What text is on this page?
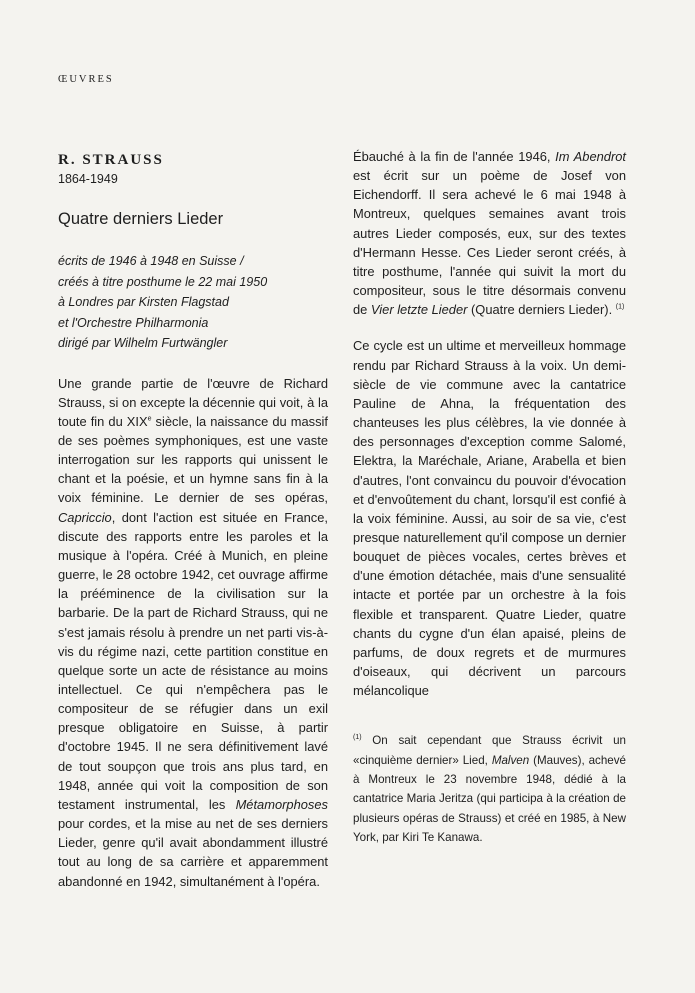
ŒUVRES
R. STRAUSS
1864-1949
Quatre derniers Lieder
écrits de 1946 à 1948 en Suisse /
créés à titre posthume le 22 mai 1950
à Londres par Kirsten Flagstad
et l'Orchestre Philharmonia
dirigé par Wilhelm Furtwängler

Une grande partie de l'œuvre de Richard Strauss, si on excepte la décennie qui voit, à la toute fin du XIXe siècle, la naissance du massif de ses poèmes symphoniques, est une vaste interrogation sur les rapports qui unissent le chant et la poésie, et un hymne sans fin à la voix féminine. Le dernier de ses opéras, Capriccio, dont l'action est située en France, discute des rapports entre les paroles et la musique à l'opéra. Créé à Munich, en pleine guerre, le 28 octobre 1942, cet ouvrage affirme la prééminence de la civilisation sur la barbarie. De la part de Richard Strauss, qui ne s'est jamais résolu à prendre un net parti vis-à-vis du régime nazi, cette partition constitue en quelque sorte un acte de résistance au moins intellectuel. Ce qui n'empêchera pas le compositeur de se réfugier dans un exil presque obligatoire en Suisse, à partir d'octobre 1945. Il ne sera définitivement lavé de tout soupçon que trois ans plus tard, en 1948, année qui voit la composition de son testament instrumental, les Métamorphoses pour cordes, et la mise au net de ses derniers Lieder, genre qu'il avait abondamment illustré tout au long de sa carrière et apparemment abandonné en 1942, simultanément à l'opéra.

Ébauché à la fin de l'année 1946, Im Abendrot est écrit sur un poème de Josef von Eichendorff. Il sera achevé le 6 mai 1948 à Montreux, quelques semaines avant trois autres Lieder composés, eux, sur des textes d'Hermann Hesse. Ces Lieder seront créés, à titre posthume, l'année qui suivit la mort du compositeur, sous le titre désormais convenu de Vier letzte Lieder (Quatre derniers Lieder). $^{(1)}$

Ce cycle est un ultime et merveilleux hommage rendu par Richard Strauss à la voix. Un demi-siècle de vie commune avec la cantatrice Pauline de Ahna, la fréquentation des chanteuses les plus célèbres, la vie donnée à des personnages d'exception comme Salomé, Elektra, la Maréchale, Ariane, Arabella et bien d'autres, l'ont convaincu du pouvoir d'évocation et d'envoûtement du chant, lorsqu'il est confié à la voix féminine. Aussi, au soir de sa vie, c'est presque naturellement qu'il compose un dernier bouquet de pièces vocales, certes brèves et d'une émotion détachée, mais d'une sensualité intacte et portée par un orchestre à la fois flexible et transparent. Quatre Lieder, quatre chants du cygne d'un élan apaisé, pleins de parfums, de doux regrets et de murmures d'oiseaux, qui décrivent un parcours mélancolique

$^{(1)}$ On sait cependant que Strauss écrivit un «cinquième dernier» Lied, Malven (Mauves), achevé à Montreux le 23 novembre 1948, dédié à la cantatrice Maria Jeritza (qui participa à la création de plusieurs opéras de Strauss) et créé en 1985, à New York, par Kiri Te Kanawa.
